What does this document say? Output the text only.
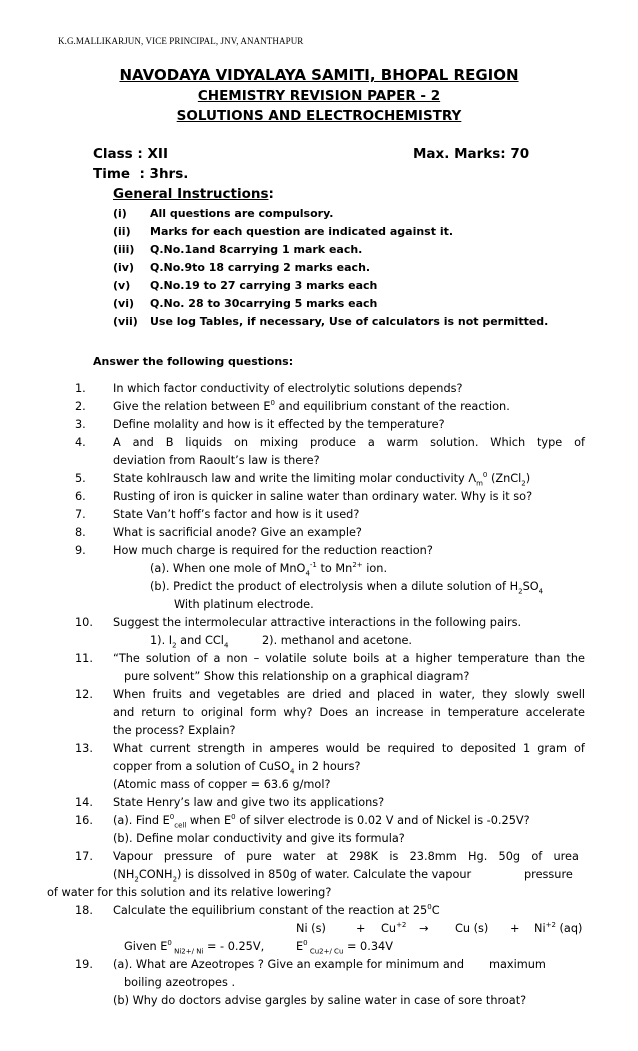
K.G.MALLIKARJUN, VICE PRINCIPAL, JNV, ANANTHAPUR
NAVODAYA VIDYALAYA SAMITI, BHOPAL REGION
CHEMISTRY REVISION PAPER - 2
SOLUTIONS AND ELECTROCHEMISTRY
Class : XII	Max. Marks: 70
Time  : 3hrs.
General Instructions:
(i) All questions are compulsory.
(ii) Marks for each question are indicated against it.
(iii) Q.No.1and 8carrying 1 mark each.
(iv) Q.No.9to 18 carrying 2 marks each.
(v) Q.No.19 to 27 carrying 3 marks each
(vi) Q.No. 28 to 30carrying 5 marks each
(vii) Use log Tables, if necessary, Use of calculators is not permitted.
Answer the following questions:
1. In which factor conductivity of electrolytic solutions depends?
2. Give the relation between $E^0$ and equilibrium constant of the reaction.
3. Define molality and how is it effected by the temperature?
4. A and B liquids on mixing produce a warm solution. Which type of
deviation from Raoult’s law is there?
5. State kohlrausch law and write the limiting molar conductivity $\Lambda_m^0$ (ZnCl$_2$)
6. Rusting of iron is quicker in saline water than ordinary water. Why is it so?
7. State Van’t hoff’s factor and how is it used?
8. What is sacrificial anode? Give an example?
9. How much charge is required for the reduction reaction?
(a). When one mole of MnO$_4^{-1}$ to $Mn^{2+}$ ion.
(b). Predict the product of electrolysis when a dilute solution of $H_2SO_4$
With platinum electrode.
10. Suggest the intermolecular attractive interactions in the following pairs.
1). $I_2$ and CCl$_4$	2). methanol and acetone.
11. “The solution of a non – volatile solute boils at a higher temperature than the
pure solvent” Show this relationship on a graphical diagram?
12. When fruits and vegetables are dried and placed in water, they slowly swell
and return to original form why? Does an increase in temperature accelerate
the process? Explain?
13. What current strength in amperes would be required to deposited 1 gram of
copper from a solution of CuSO$_4$ in 2 hours?
(Atomic mass of copper = 63.6 g/mol?
14. State Henry’s law and give two its applications?
16. (a). Find $E^0_{cell}$ when $E^0$ of silver electrode is 0.02 V and of Nickel is -0.25V?
(b). Define molar conductivity and give its formula?
17. Vapour pressure of pure water at 298K is 23.8mm Hg. 50g of urea
$(NH_2CONH_2)$ is dissolved in 850g of water. Calculate the vapour	pressure
of water for this solution and its relative lowering?
18. Calculate the equilibrium constant of the reaction at $25^0C$
Ni (s)	+ $Cu^{+2} \to Cu$ $(s) + Ni^{+2}$ (aq)
Given $E^0$ $_{Ni2+/ Ni}$ = - 0.25V,	$E^0$ $_{Cu2+/ Cu}$ = 0.34V
19. (a). What are Azeotropes ? Give an example for minimum and maximum
boiling azeotropes .
(b) Why do doctors advise gargles by saline water in case of sore throat?
